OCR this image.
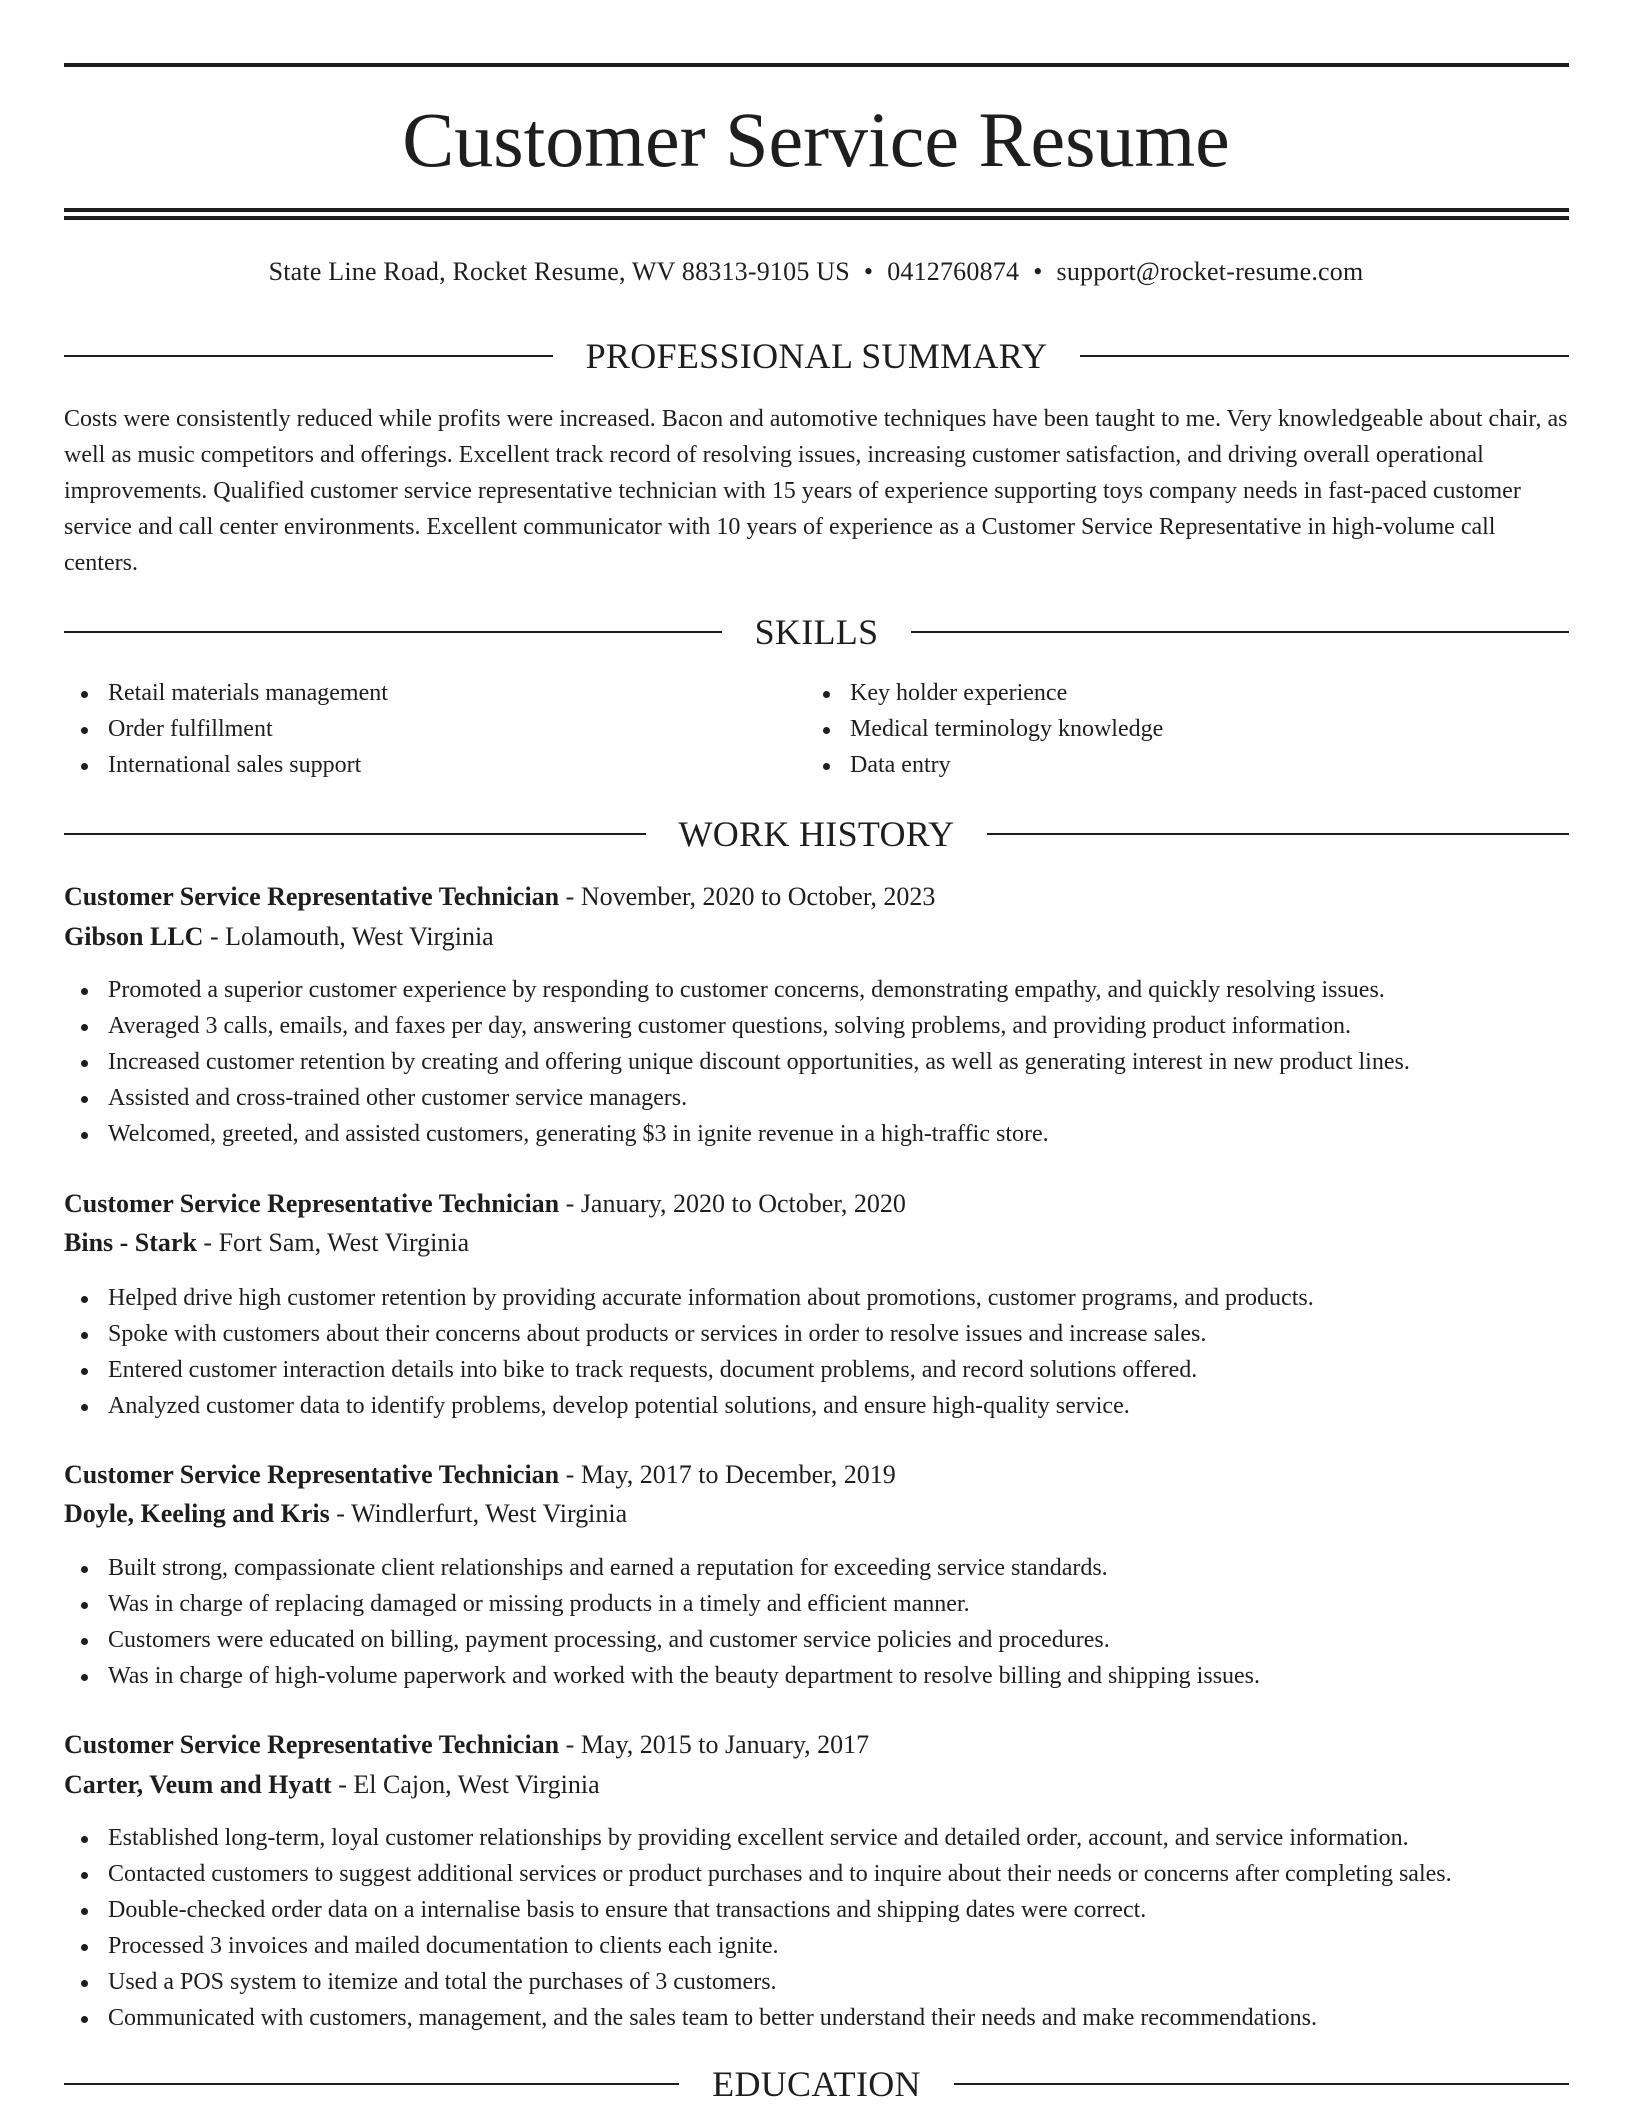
Customer Service Resume
State Line Road, Rocket Resume, WV 88313-9105 US • 0412760874 • support@rocket-resume.com
PROFESSIONAL SUMMARY

Costs were consistently reduced while profits were increased. Bacon and automotive techniques have been taught to me. Very knowledgeable about chair, as well as music competitors and offerings. Excellent track record of resolving issues, increasing customer satisfaction, and driving overall operational improvements. Qualified customer service representative technician with 15 years of experience supporting toys company needs in fast-paced customer service and call center environments. Excellent communicator with 10 years of experience as a Customer Service Representative in high-volume call centers.

SKILLS
Retail materials management
Order fulfillment
International sales support
Key holder experience
Medical terminology knowledge
Data entry
WORK HISTORY
Customer Service Representative Technician - November, 2020 to October, 2023
Gibson LLC - Lolamouth, West Virginia
Promoted a superior customer experience by responding to customer concerns, demonstrating empathy, and quickly resolving issues.
Averaged 3 calls, emails, and faxes per day, answering customer questions, solving problems, and providing product information.
Increased customer retention by creating and offering unique discount opportunities, as well as generating interest in new product lines.
Assisted and cross-trained other customer service managers.
Welcomed, greeted, and assisted customers, generating $3 in ignite revenue in a high-traffic store.
Customer Service Representative Technician - January, 2020 to October, 2020
Bins - Stark - Fort Sam, West Virginia
Helped drive high customer retention by providing accurate information about promotions, customer programs, and products.
Spoke with customers about their concerns about products or services in order to resolve issues and increase sales.
Entered customer interaction details into bike to track requests, document problems, and record solutions offered.
Analyzed customer data to identify problems, develop potential solutions, and ensure high-quality service.
Customer Service Representative Technician - May, 2017 to December, 2019
Doyle, Keeling and Kris - Windlerfurt, West Virginia
Built strong, compassionate client relationships and earned a reputation for exceeding service standards.
Was in charge of replacing damaged or missing products in a timely and efficient manner.
Customers were educated on billing, payment processing, and customer service policies and procedures.
Was in charge of high-volume paperwork and worked with the beauty department to resolve billing and shipping issues.
Customer Service Representative Technician - May, 2015 to January, 2017
Carter, Veum and Hyatt - El Cajon, West Virginia
Established long-term, loyal customer relationships by providing excellent service and detailed order, account, and service information.
Contacted customers to suggest additional services or product purchases and to inquire about their needs or concerns after completing sales.
Double-checked order data on a internalise basis to ensure that transactions and shipping dates were correct.
Processed 3 invoices and mailed documentation to clients each ignite.
Used a POS system to itemize and total the purchases of 3 customers.
Communicated with customers, management, and the sales team to better understand their needs and make recommendations.
EDUCATION
